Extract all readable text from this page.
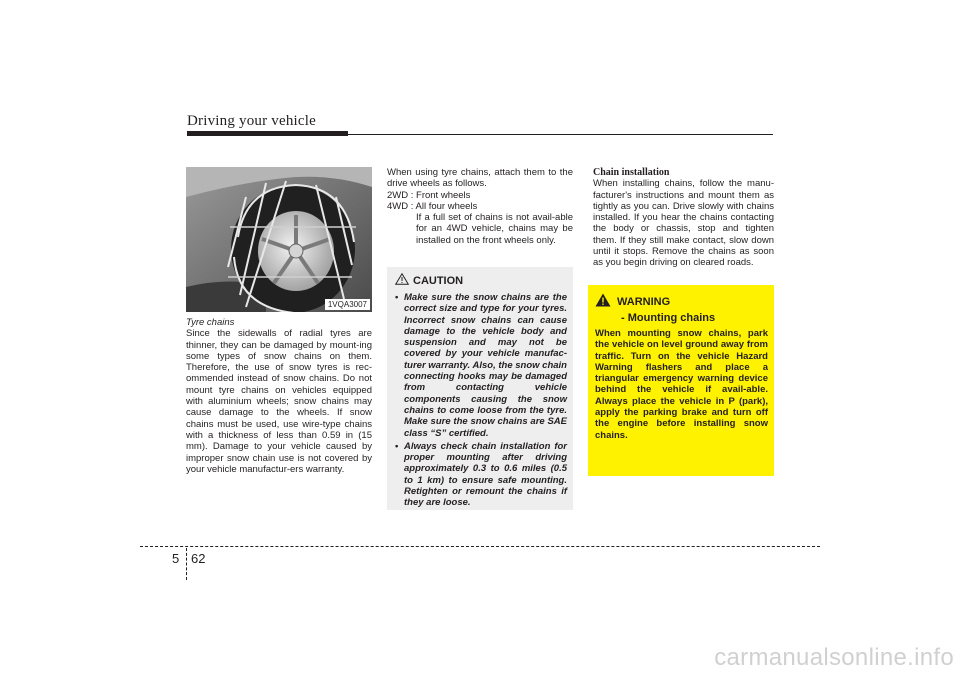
Driving your vehicle
1VQA3007
Tyre chains
Since the sidewalls of radial tyres are thinner, they can be damaged by mount-ing some types of snow chains on them. Therefore, the use of snow tyres is rec-ommended instead of snow chains. Do not mount tyre chains on vehicles equipped with aluminium wheels; snow chains may cause damage to the wheels. If snow chains must be used, use wire-type chains with a thickness of less than 0.59 in (15 mm). Damage to your vehicle caused by improper snow chain use is not covered by your vehicle manufactur-ers warranty.
When using tyre chains, attach them to the drive wheels as follows.
2WD : Front wheels
4WD : All four wheels
If a full set of chains is not avail-able for an 4WD vehicle, chains may be installed on the front wheels only.
CAUTION
• Make sure the snow chains are the correct size and type for your tyres. Incorrect snow chains can cause damage to the vehicle body and suspension and may not be covered by your vehicle manufac-turer warranty. Also, the snow chain connecting hooks may be damaged from contacting vehicle components causing the snow chains to come loose from the tyre. Make sure the snow chains are SAE class “S” certified.
• Always check chain installation for proper mounting after driving approximately 0.3 to 0.6 miles (0.5 to 1 km) to ensure safe mounting. Retighten or remount the chains if they are loose.
Chain installation
When installing chains, follow the manu-facturer's instructions and mount them as tightly as you can. Drive slowly with chains installed. If you hear the chains contacting the body or chassis, stop and tighten them. If they still make contact, slow down until it stops. Remove the chains as soon as you begin driving on cleared roads.
WARNING
- Mounting chains
When mounting snow chains, park the vehicle on level ground away from traffic. Turn on the vehicle Hazard Warning flashers and place a triangular emergency warning device behind the vehicle if avail-able. Always place the vehicle in P (park), apply the parking brake and turn off the engine before installing snow chains.
5 62
carmanualsonline.info
